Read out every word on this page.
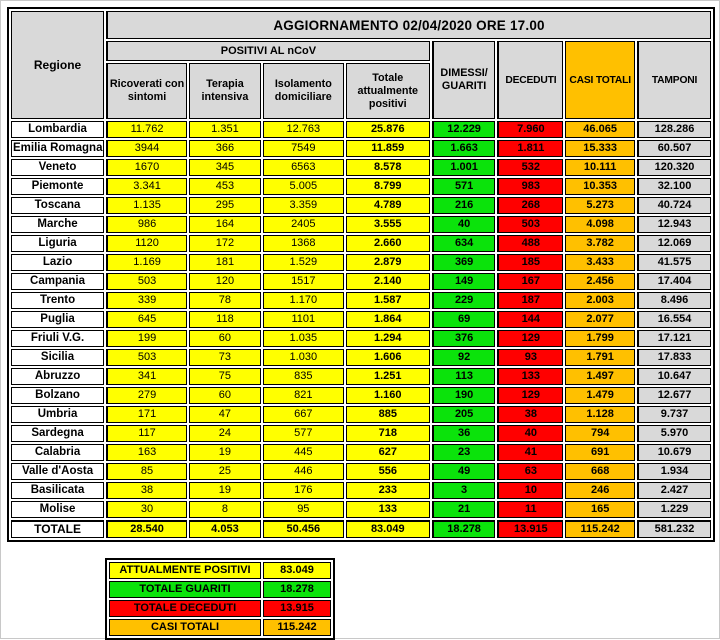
Regione	AGGIORNAMENTO 02/04/2020 ORE 17.00							
	POSITIVI AL nCoV				DIMESSI/ GUARITI	DECEDUTI	CASI TOTALI	TAMPONI
	Ricoverati con sintomi	Terapia intensiva	Isolamento domiciliare	Totale attualmente positivi				
Lombardia	11.762	1.351	12.763	25.876	12.229	7.960	46.065	128.286
Emilia Romagna	3944	366	7549	11.859	1.663	1.811	15.333	60.507
Veneto	1670	345	6563	8.578	1.001	532	10.111	120.320
Piemonte	3.341	453	5.005	8.799	571	983	10.353	32.100
Toscana	1.135	295	3.359	4.789	216	268	5.273	40.724
Marche	986	164	2405	3.555	40	503	4.098	12.943
Liguria	1120	172	1368	2.660	634	488	3.782	12.069
Lazio	1.169	181	1.529	2.879	369	185	3.433	41.575
Campania	503	120	1517	2.140	149	167	2.456	17.404
Trento	339	78	1.170	1.587	229	187	2.003	8.496
Puglia	645	118	1101	1.864	69	144	2.077	16.554
Friuli V.G.	199	60	1.035	1.294	376	129	1.799	17.121
Sicilia	503	73	1.030	1.606	92	93	1.791	17.833
Abruzzo	341	75	835	1.251	113	133	1.497	10.647
Bolzano	279	60	821	1.160	190	129	1.479	12.677
Umbria	171	47	667	885	205	38	1.128	9.737
Sardegna	117	24	577	718	36	40	794	5.970
Calabria	163	19	445	627	23	41	691	10.679
Valle d'Aosta	85	25	446	556	49	63	668	1.934
Basilicata	38	19	176	233	3	10	246	2.427
Molise	30	8	95	133	21	11	165	1.229
TOTALE	28.540	4.053	50.456	83.049	18.278	13.915	115.242	581.232
ATTUALMENTE POSITIVI	83.049
TOTALE GUARITI	18.278
TOTALE DECEDUTI	13.915
CASI TOTALI	115.242
